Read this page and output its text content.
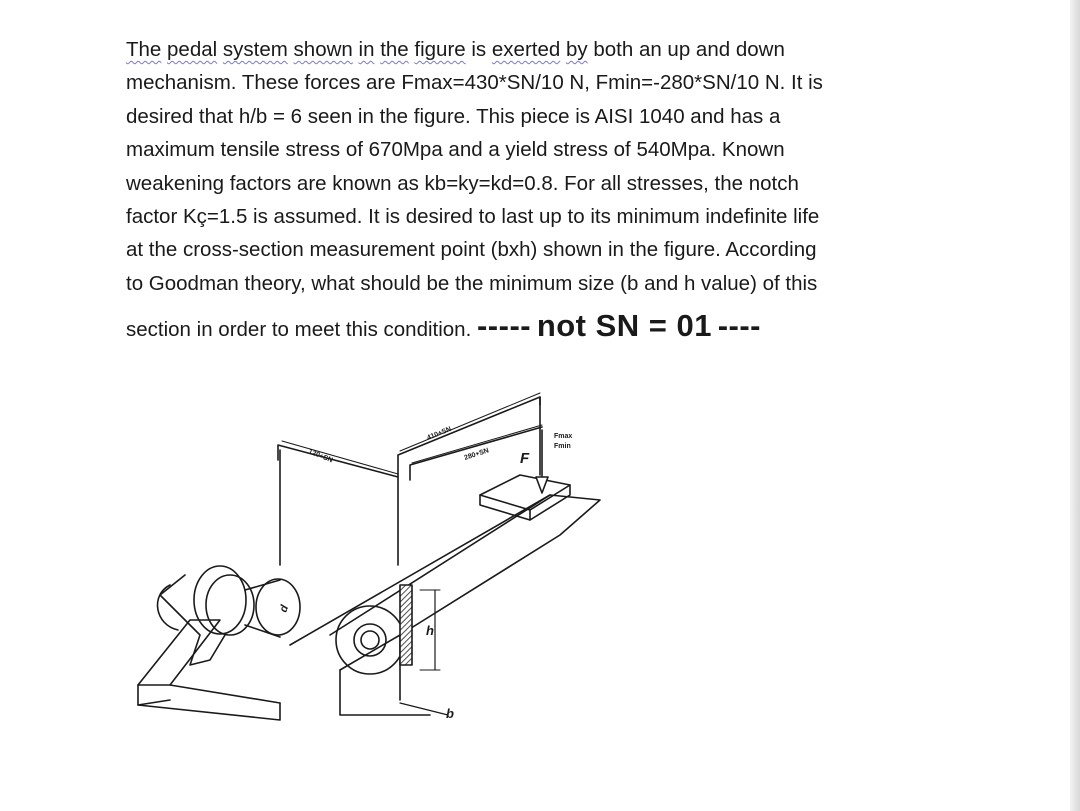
The pedal system shown in the figure is exerted by both an up and down
mechanism. These forces are Fmax=430*SN/10 N, Fmin=-280*SN/10 N. It is
desired that h/b = 6 seen in the figure. This piece is AISI 1040 and has a
maximum tensile stress of 670Mpa and a yield stress of 540Mpa. Known
weakening factors are known as kb=ky=kd=0.8. For all stresses, the notch
factor Kç=1.5 is assumed. It is desired to last up to its minimum indefinite life
at the cross-section measurement point (bxh) shown in the figure. According
to Goodman theory, what should be the minimum size (b and h value) of this

section in order to meet this condition. ----- not SN = 01 ----
120+SN
410+SN
280+SN
Fmax
Fmin
F
h
b
d
